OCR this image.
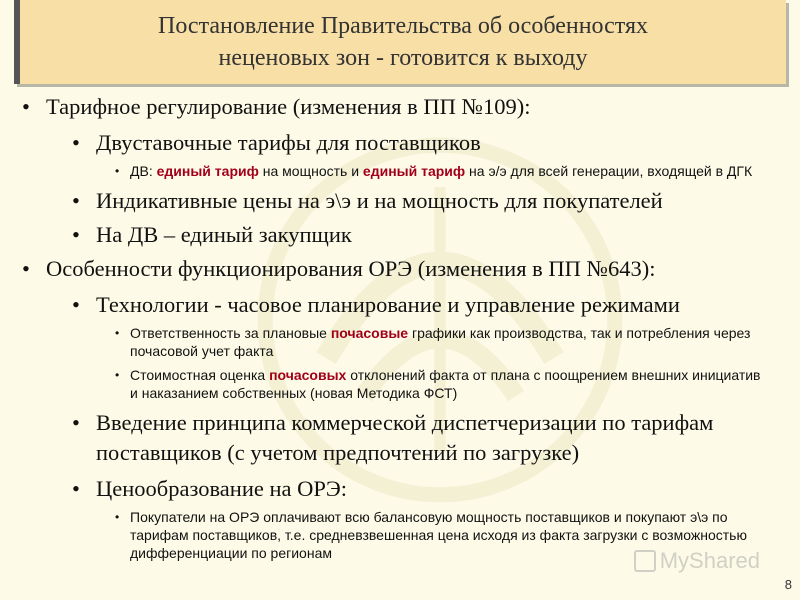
Постановление Правительства об особенностях
неценовых зон - готовится к выходу
• Тарифное регулирование (изменения в ПП №109):
• Двуставочные тарифы для поставщиков
• ДВ: единый тариф на мощность и единый тариф на э/э для всей генерации, входящей в ДГК
• Индикативные цены на э\э и на мощность для покупателей
• На ДВ – единый закупщик
• Особенности функционирования ОРЭ (изменения в ПП №643):
• Технологии - часовое планирование и управление режимами
• Ответственность за плановые почасовые графики как производства, так и потребления через почасовой учет факта
• Стоимостная оценка почасовых отклонений факта от плана с поощрением внешних инициатив и наказанием собственных (новая Методика ФСТ)
• Введение принципа коммерческой диспетчеризации по тарифам поставщиков (с учетом предпочтений по загрузке)
• Ценообразование на ОРЭ:
• Покупатели на ОРЭ оплачивают всю балансовую мощность поставщиков и покупают э\э по тарифам поставщиков, т.е. средневзвешенная цена исходя из факта загрузки с возможностью дифференциации по регионам	MyShared
8
